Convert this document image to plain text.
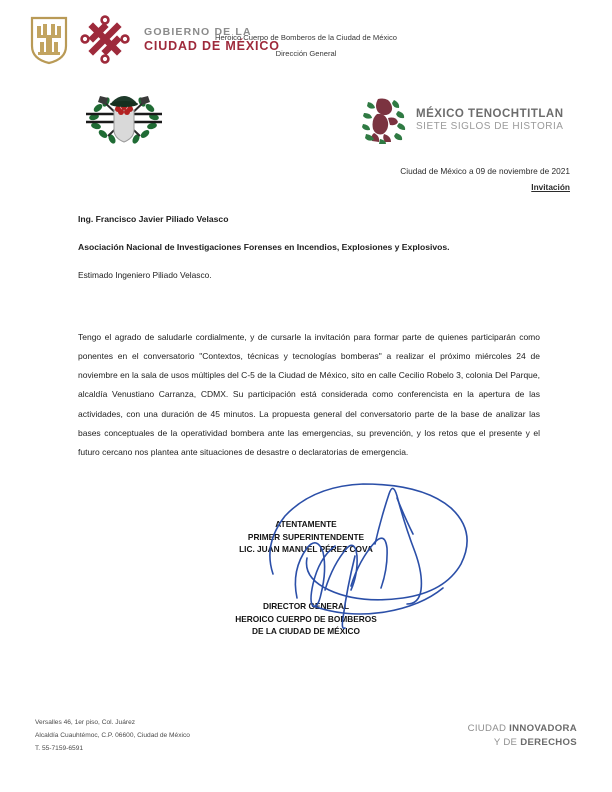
GOBIERNO DE LA
CIUDAD DE MÉXICO
Heroico Cuerpo de Bomberos de la Ciudad de México
Dirección General
MÉXICO TENOCHTITLAN
SIETE SIGLOS DE HISTORIA
Ciudad de México a 09 de noviembre de 2021
Invitación
Ing. Francisco Javier Piliado Velasco
Asociación Nacional de Investigaciones Forenses en Incendios, Explosiones y Explosivos.
Estimado Ingeniero Piliado Velasco.
Tengo el agrado de saludarle cordialmente, y de cursarle la invitación para formar parte de quienes participarán como ponentes en el conversatorio "Contextos, técnicas y tecnologías bomberas" a realizar el próximo miércoles 24 de noviembre en la sala de usos múltiples del C-5 de la Ciudad de México, sito en calle Cecilio Robelo 3, colonia Del Parque, alcaldía Venustiano Carranza, CDMX. Su participación está considerada como conferencista en la apertura de las actividades, con una duración de 45 minutos. La propuesta general del conversatorio parte de la base de analizar las bases conceptuales de la operatividad bombera ante las emergencias, su prevención, y los retos que el presente y el futuro cercano nos plantea ante situaciones de desastre o declaratorias de emergencia.
ATENTAMENTE
PRIMER SUPERINTENDENTE
LIC. JUAN MANUEL PÉREZ COVA
DIRECTOR GENERAL
HEROICO CUERPO DE BOMBEROS
DE LA CIUDAD DE MÉXICO
Versalles 46, 1er piso, Col. Juárez
Alcaldía Cuauhtémoc, C.P. 06600, Ciudad de México
T. 55-7159-6591
CIUDAD INNOVADORA
Y DE DERECHOS
